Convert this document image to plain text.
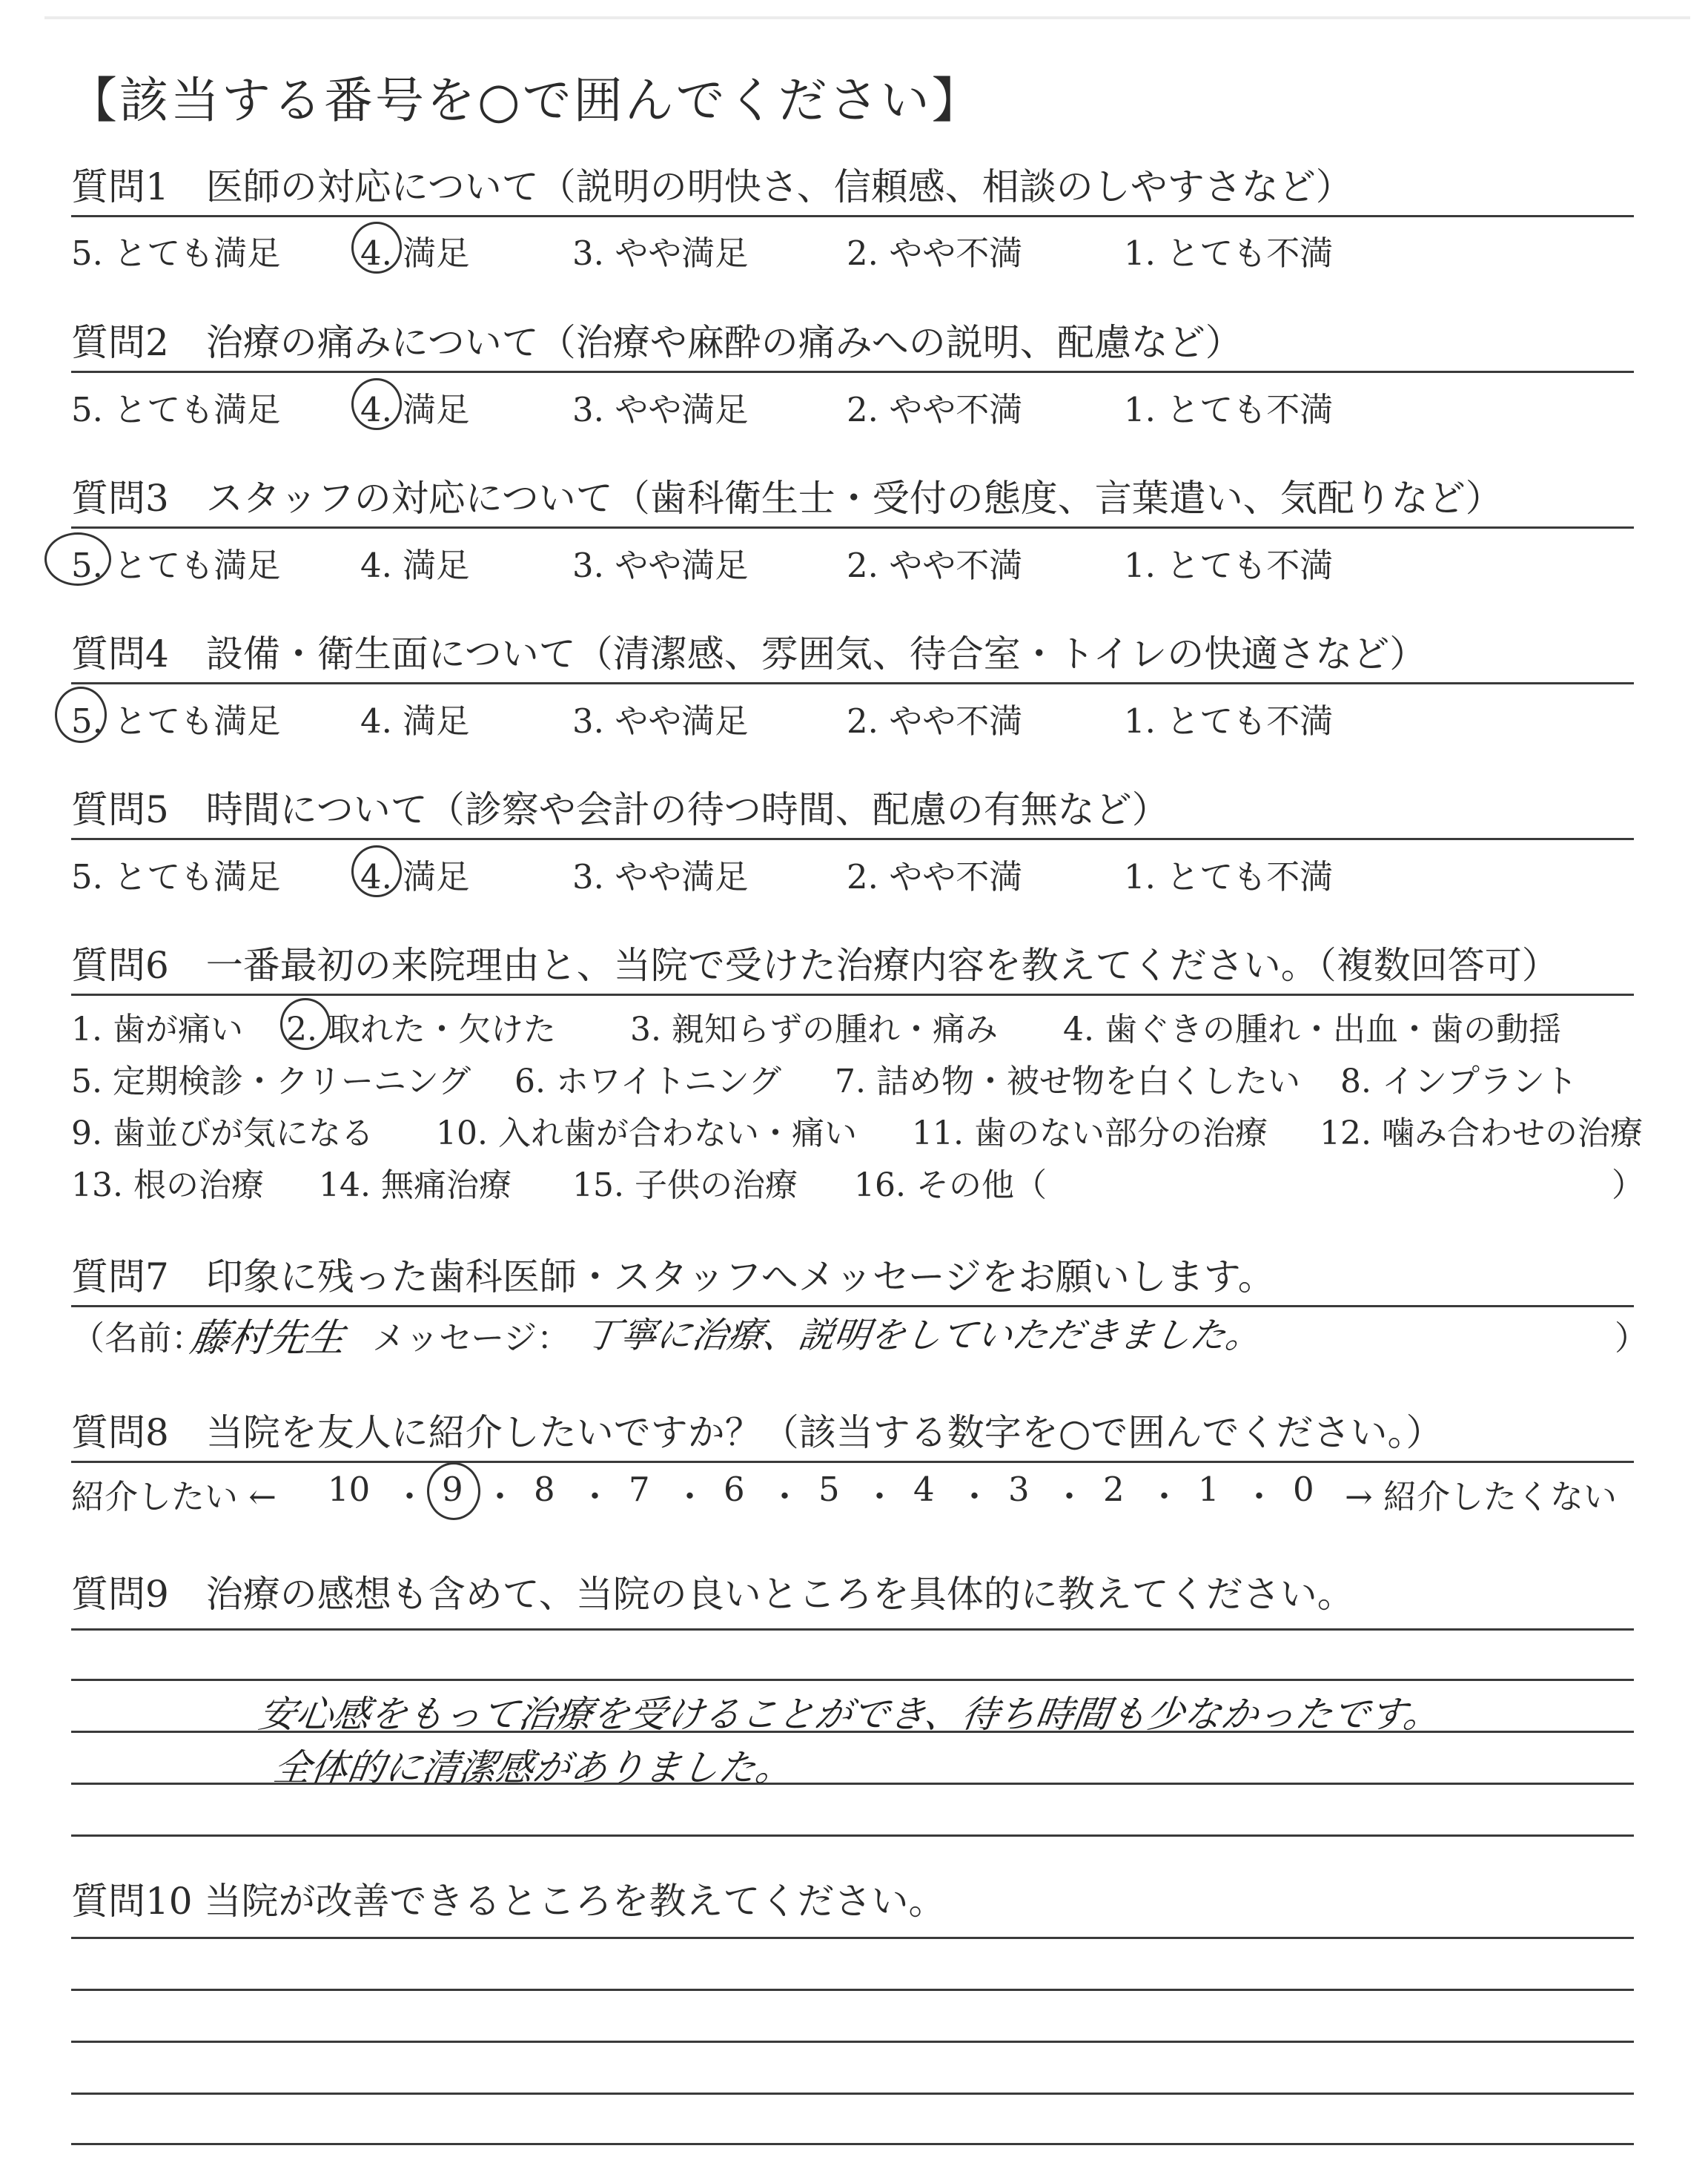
【該当する番号を○で囲んでください】
質問1　医師の対応について（説明の明快さ、信頼感、相談のしやすさなど）
5. とても満足 4. 満足	3. やや満足	2. やや不満	1. とても不満
質問2　治療の痛みについて（治療や麻酔の痛みへの説明、配慮など）
5. とても満足 4. 満足	3. やや満足	2. やや不満	1. とても不満
質問3　スタッフの対応について（歯科衛生士・受付の態度、言葉遣い、気配りなど）
5. とても満足 4. 満足	3. やや満足	2. やや不満	1. とても不満
質問4　設備・衛生面について（清潔感、雰囲気、待合室・トイレの快適さなど）
5. とても満足 4. 満足	3. やや満足	2. やや不満	1. とても不満
質問5　時間について（診察や会計の待つ時間、配慮の有無など）
5. とても満足 4. 満足	3. やや満足	2. やや不満	1. とても不満
質問6　一番最初の来院理由と、当院で受けた治療内容を教えてください。（複数回答可）
1. 歯が痛い 2. 取れた・欠けた 3. 親知らずの腫れ・痛み 4. 歯ぐきの腫れ・出血・歯の動揺
5. 定期検診・クリーニング 6. ホワイトニング 7. 詰め物・被せ物を白くしたい 8. インプラント
9. 歯並びが気になる 10. 入れ歯が合わない・痛い 11. 歯のない部分の治療 12. 噛み合わせの治療
13. 根の治療 14. 無痛治療 15. 子供の治療 16. その他（	）
質問7　印象に残った歯科医師・スタッフへメッセージをお願いします。
（名前：
藤村先生 メッセージ： 丁寧に治療、説明をしていただきました。	）
質問8　当院を友人に紹介したいですか？（該当する数字を○で囲んでください。）
紹介したい ← 10 ・ 9 ・ 8 ・ 7 ・ 6 ・ 5 ・ 4 ・ 3 ・ 2 ・ 1 ・ 0 → 紹介したくない
質問9　治療の感想も含めて、当院の良いところを具体的に教えてください。
安心感をもって治療を受けることができ、待ち時間も少なかったです。
全体的に清潔感がありました。
質問10 当院が改善できるところを教えてください。
